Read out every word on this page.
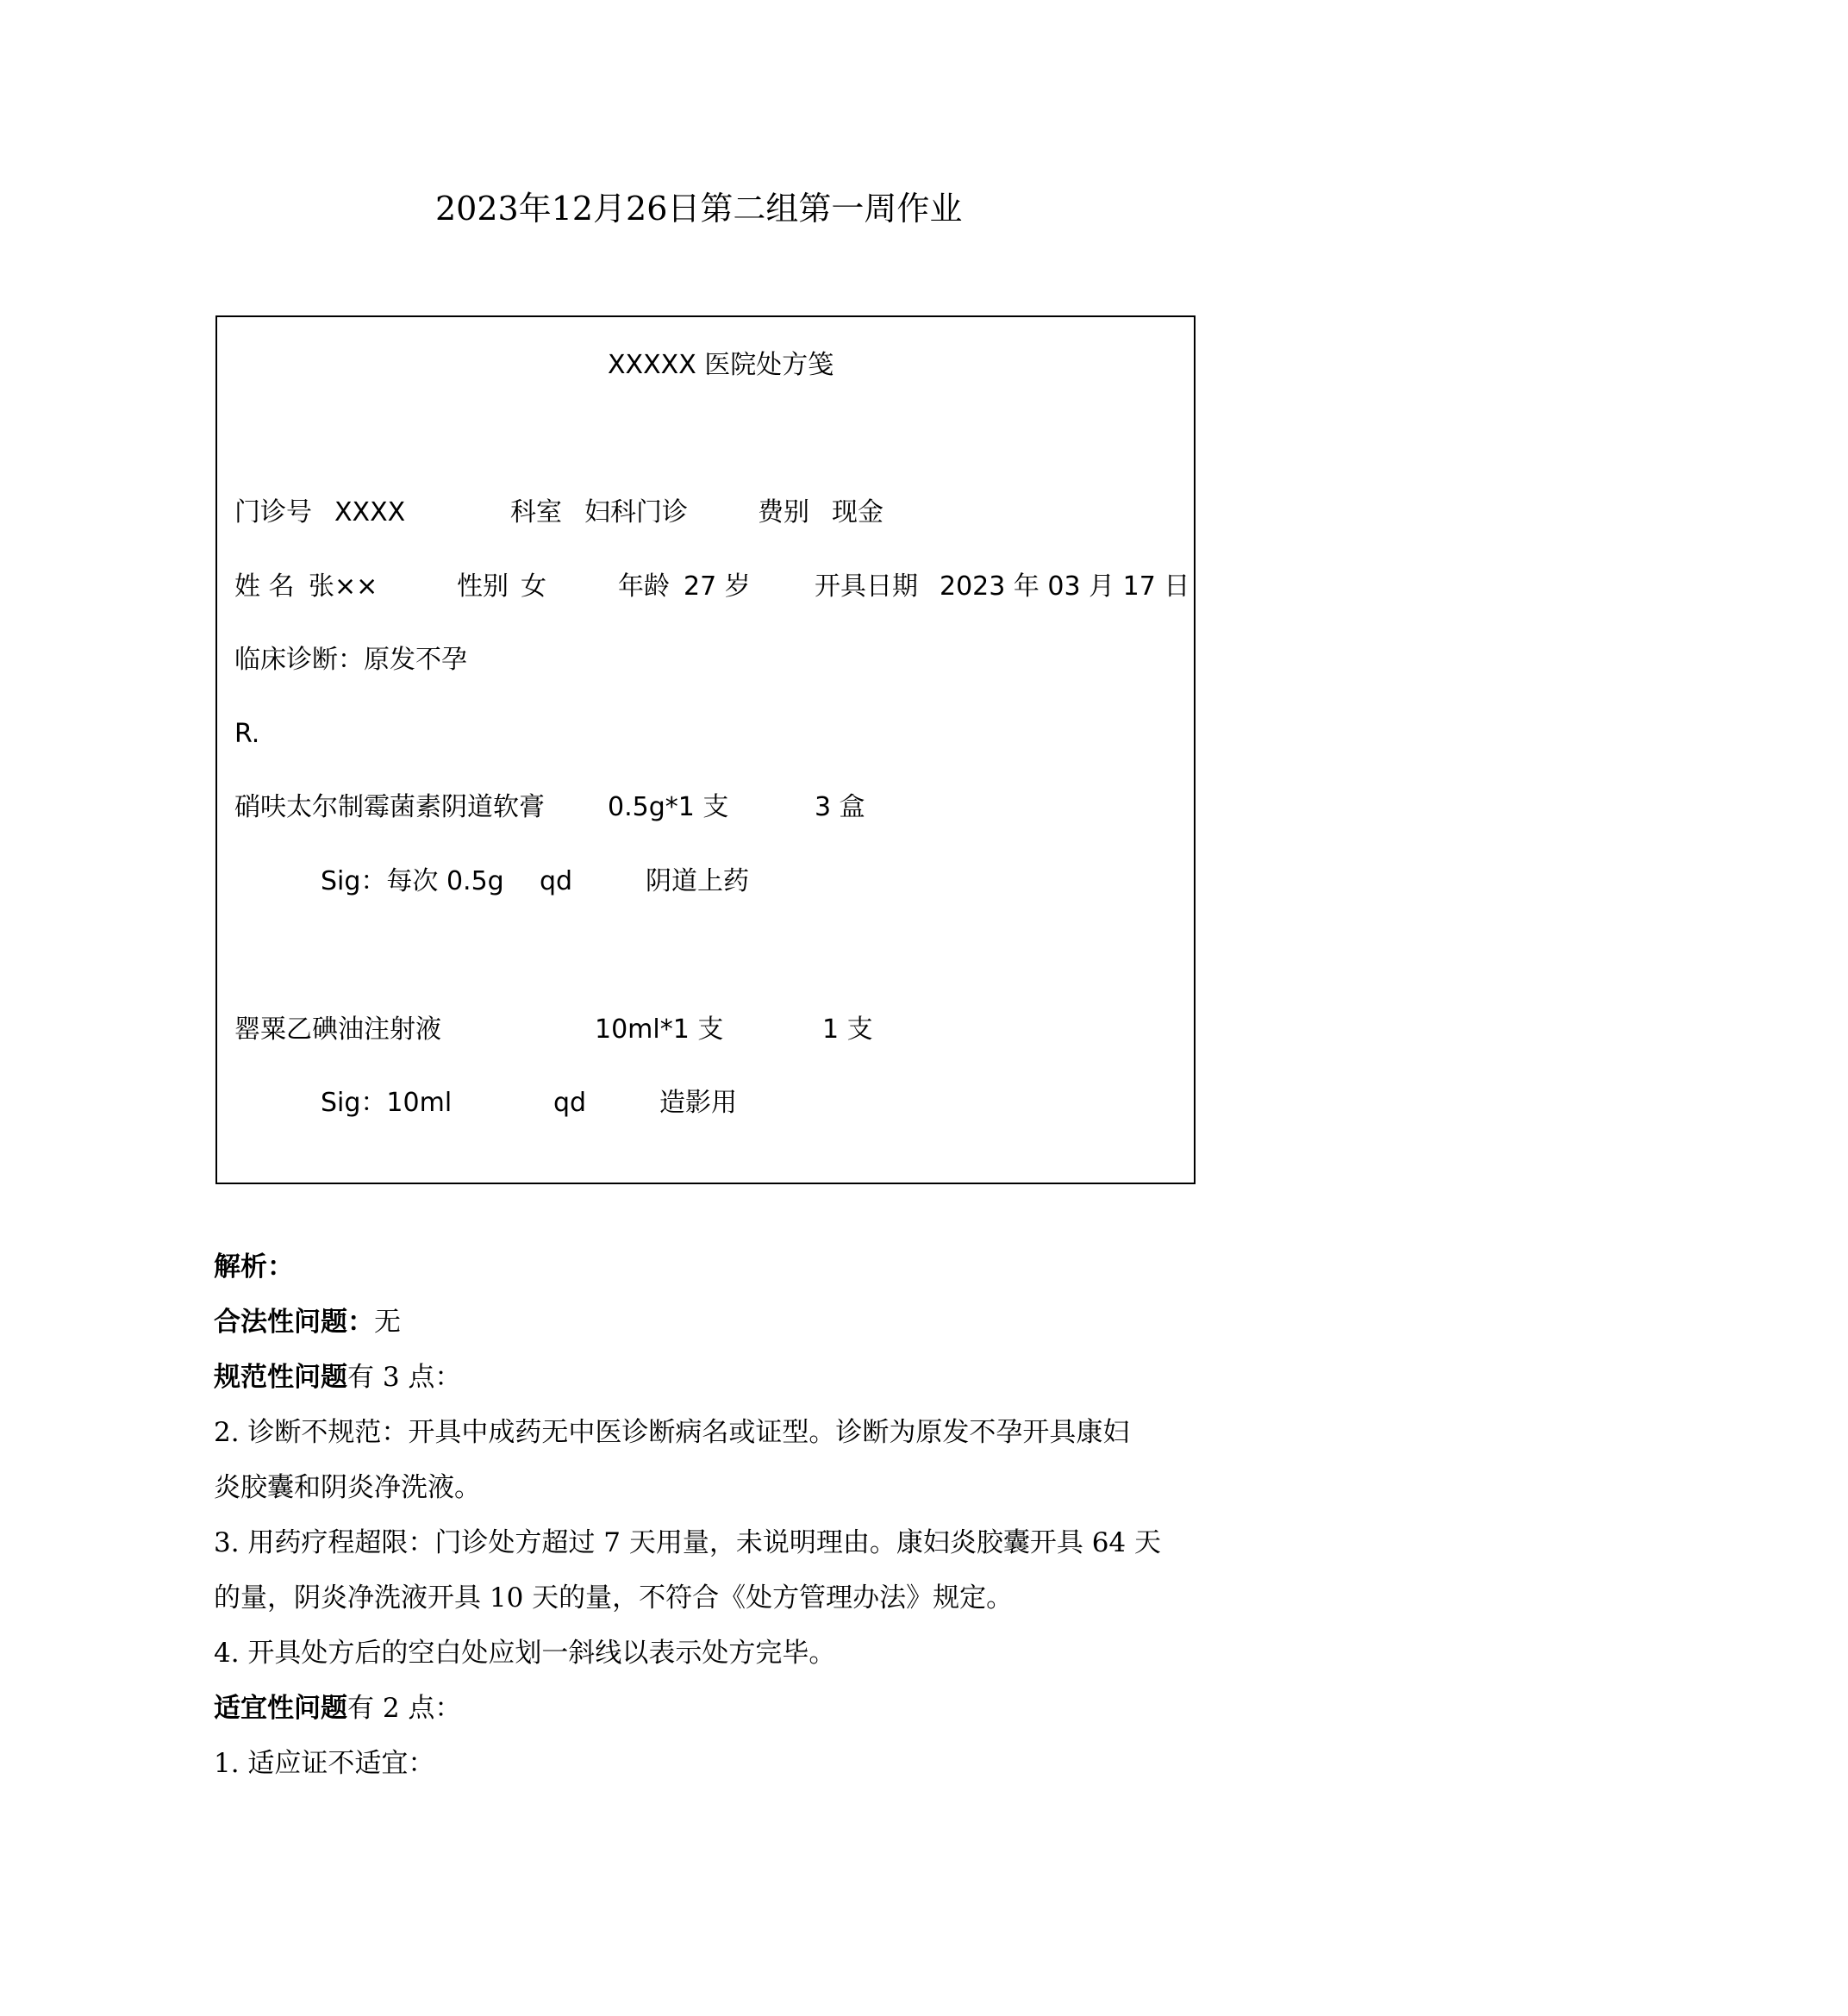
2023年12月26日第二组第一周作业
XXXXX 医院处方笺
门诊号 XXXX	科室 妇科门诊	费别 现金
姓 名 张××	性别 女	年龄 27 岁 开具日期 2023 年 03 月 17 日
临床诊断：原发不孕
R.
硝呋太尔制霉菌素阴道软膏 0.5g*1 支	3 盒
Sig：每次 0.5g qd	阴道上药
罂粟乙碘油注射液	10ml*1 支	1 支
Sig：10ml	qd	造影用
解析：
合法性问题：无
规范性问题有 3 点：
2. 诊断不规范：开具中成药无中医诊断病名或证型。诊断为原发不孕开具康妇
炎胶囊和阴炎净洗液。
3. 用药疗程超限：门诊处方超过 7 天用量，未说明理由。康妇炎胶囊开具 64 天
的量，阴炎净洗液开具 10 天的量，不符合《处方管理办法》规定。
4. 开具处方后的空白处应划一斜线以表示处方完毕。
适宜性问题有 2 点：
1. 适应证不适宜：
